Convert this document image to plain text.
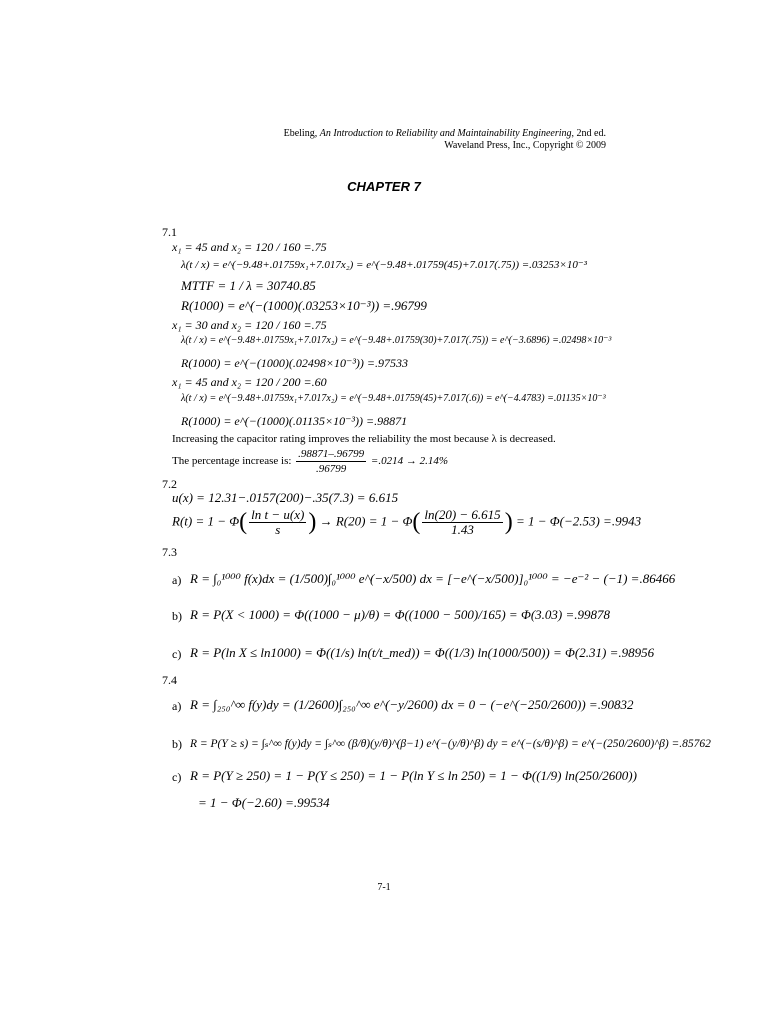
Ebeling, An Introduction to Reliability and Maintainability Engineering, 2nd ed.
Waveland Press, Inc., Copyright © 2009
CHAPTER 7
7.1
x₁ = 45 and x₂ = 120 / 160 =.75
λ(t / x) = e^(−9.48+.01759x₁+7.017x₂) = e^(−9.48+.01759(45)+7.017(.75)) =.03253×10⁻³
MTTF = 1 / λ = 30740.85
R(1000) = e^(−(1000)(.03253×10⁻³)) =.96799
x₁ = 30 and x₂ = 120 / 160 =.75
λ(t / x) = e^(−9.48+.01759x₁+7.017x₂) = e^(−9.48+.01759(30)+7.017(.75)) = e^(−3.6896) =.02498×10⁻³
R(1000) = e^(−(1000)(.02498×10⁻³)) =.97533
x₁ = 45 and x₂ = 120 / 200 =.60
λ(t / x) = e^(−9.48+.01759x₁+7.017x₂) = e^(−9.48+.01759(45)+7.017(.6)) = e^(−4.4783) =.01135×10⁻³
R(1000) = e^(−(1000)(.01135×10⁻³)) =.98871
Increasing the capacitor rating improves the reliability the most because λ is decreased.
The percentage increase is: $\frac{.98871-.96799}{.96799} =.0214 \to 2.14\%$
7.2
u(x) = 12.31−.0157(200)−.35(7.3) = 6.615
$R(t) = 1 - \Phi( \frac{\text{ln t − u(x)}}{s}$ ) → $R(20) = 1 - \Phi( \frac{\ln(20) - 6.615}{1.43}$ ) = 1 − Φ(−2.53) =.9943
7.3
a) R = ∫₀¹⁰⁰⁰ f(x)dx = (1/500)∫₀¹⁰⁰⁰ e^(−x/500) dx = [−e^(−x/500)]₀¹⁰⁰⁰ = −e⁻² − (−1) =.86466
b) R = P(X < 1000) = Φ((1000 − μ)/θ) = Φ((1000 − 500)/165) = Φ(3.03) =.99878
c) R = P(ln X ≤ ln1000) = Φ((1/s) ln(t/t_med)) = Φ((1/3) ln(1000/500)) = Φ(2.31) =.98956
7.4
a) R = ∫₂₅₀^∞ f(y)dy = (1/2600)∫₂₅₀^∞ e^(−y/2600) dx = 0 − (−e^(−250/2600)) =.90832
b) R = P(Y ≥ s) = ∫ₛ^∞ f(y)dy = ∫ₛ^∞ (β/θ)(y/θ)^(β−1) e^(−(y/θ)^β) dy = e^(−(s/θ)^β) = e^(−(250/2600)^β) =.85762
c) R = P(Y ≥ 250) = 1 − P(Y ≤ 250) = 1 − P(ln Y ≤ ln 250) = 1 − Φ((1/9) ln(250/2600))
= 1 − Φ(−2.60) =.99534
7-1
